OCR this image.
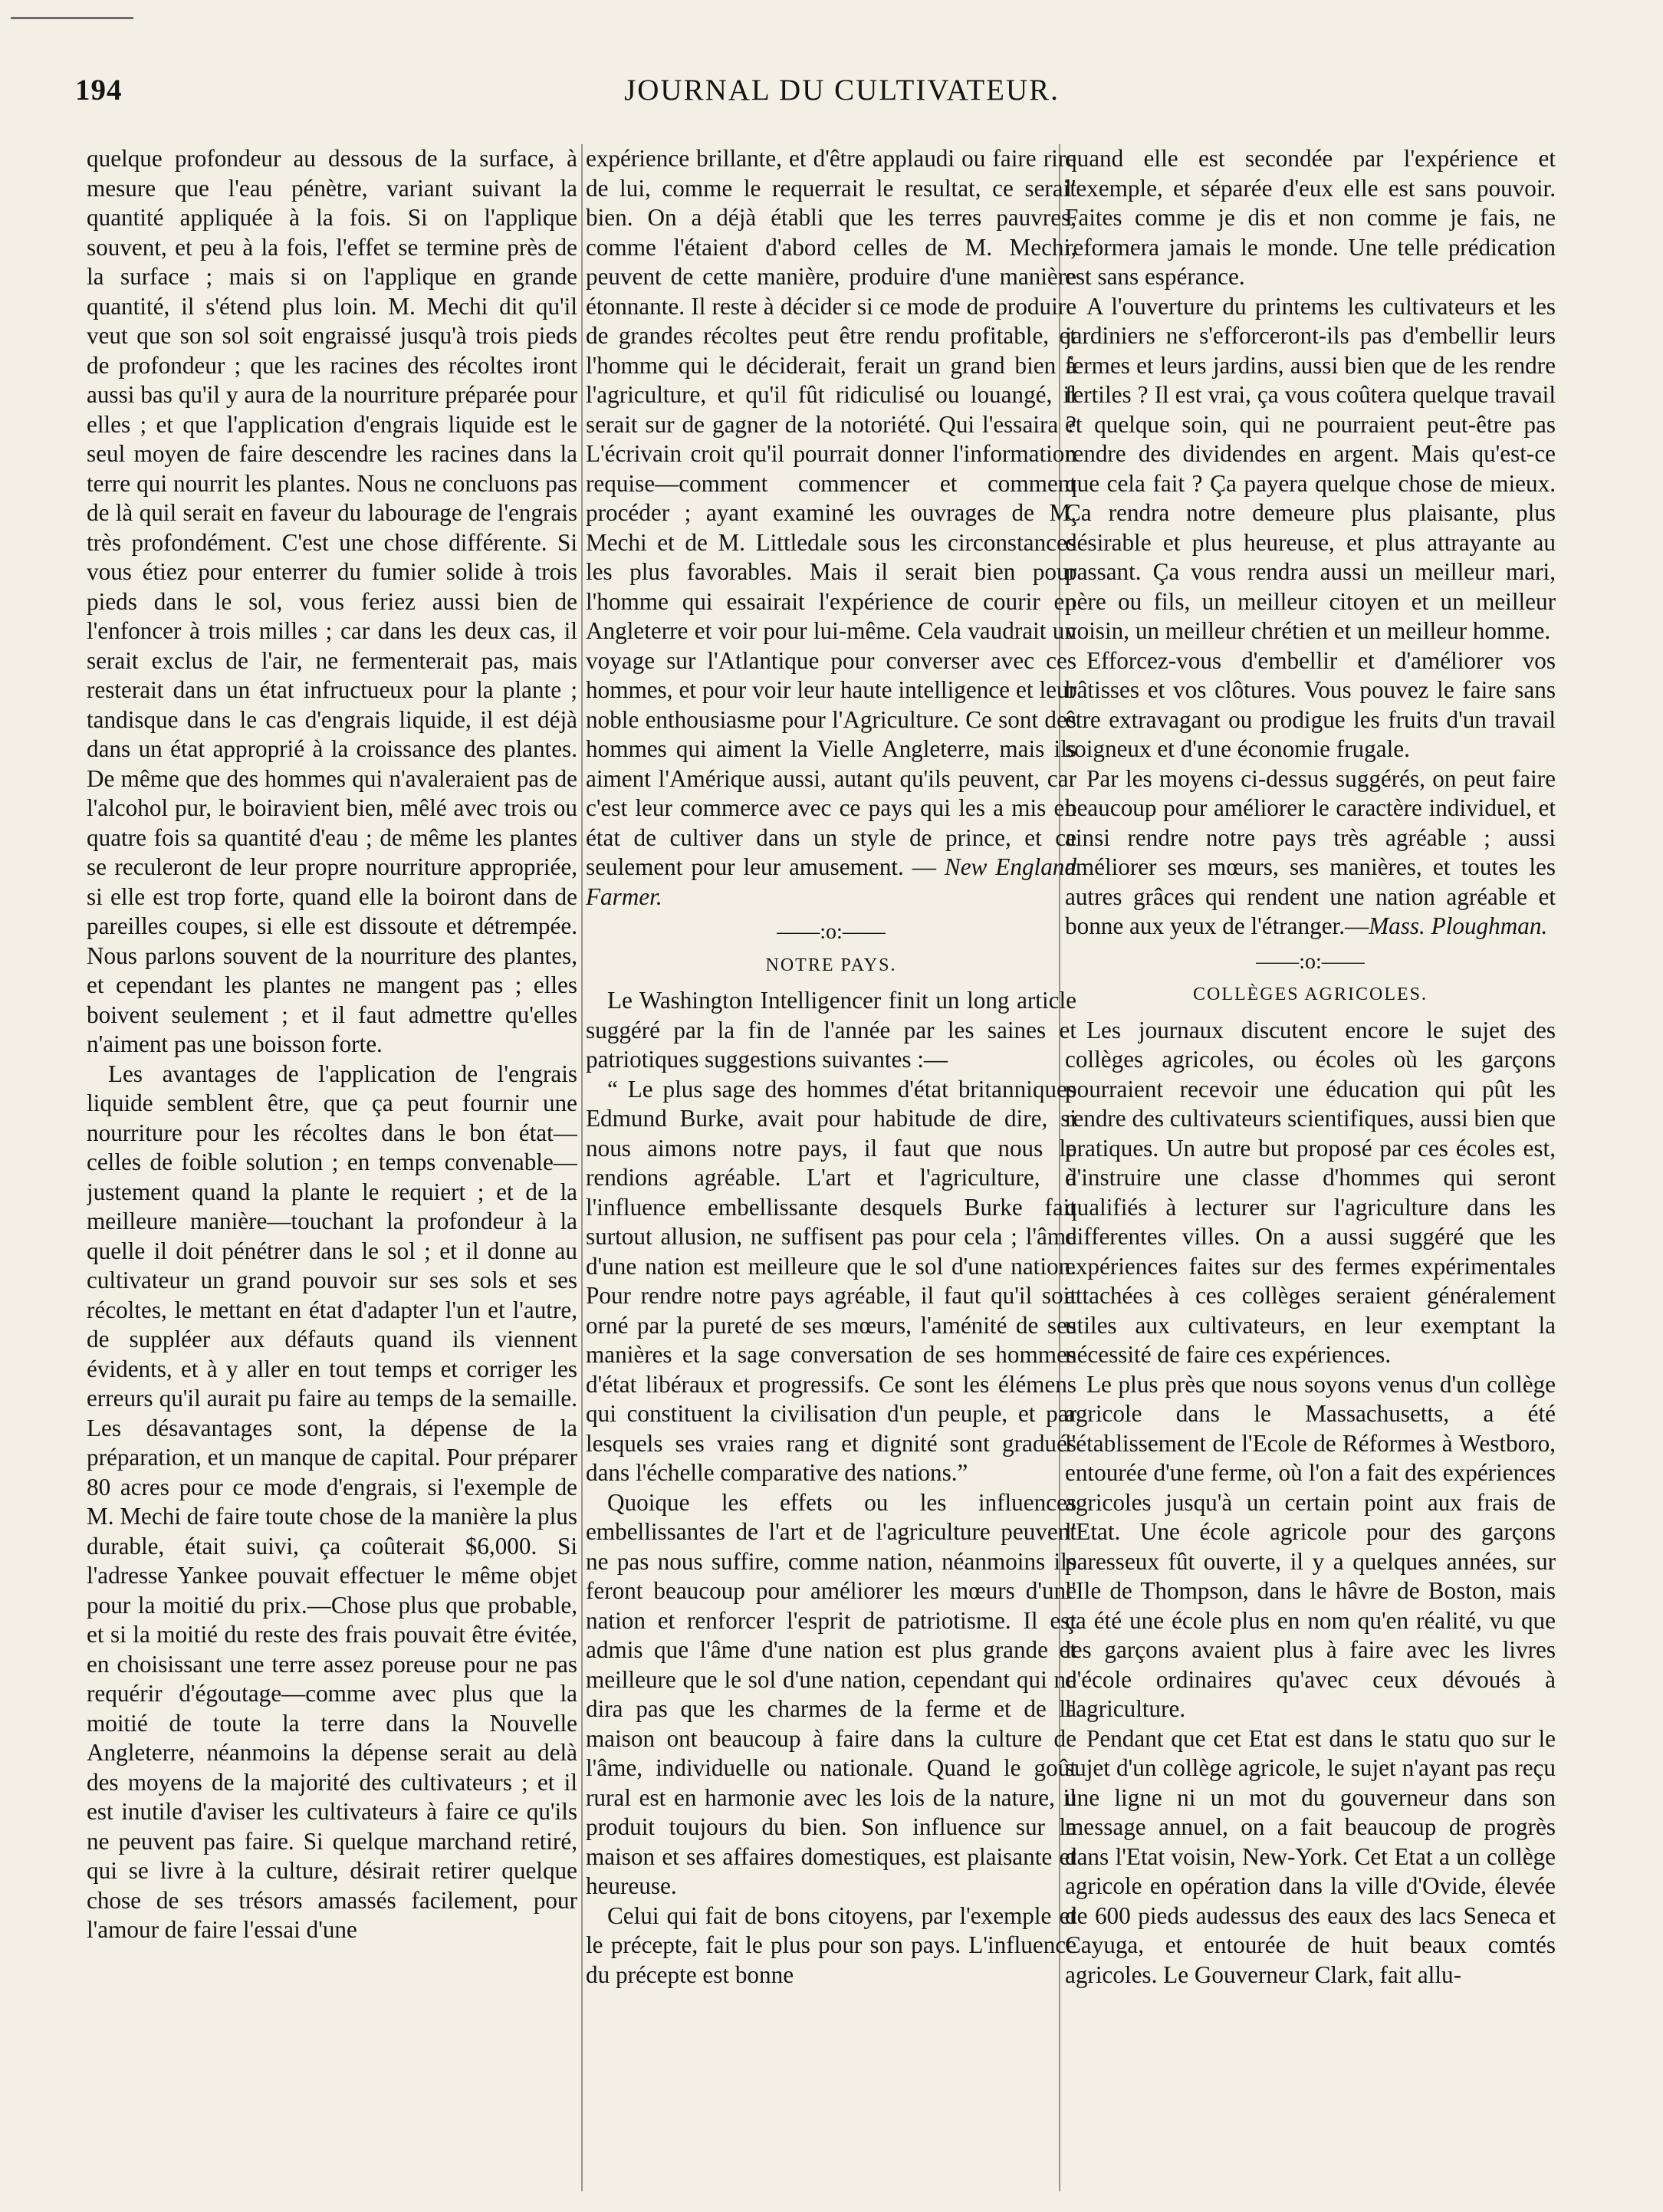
JOURNAL DU CULTIVATEUR.
194

quelque profondeur au dessous de la surface, à mesure que l'eau pénètre, variant suivant la quantité appliquée à la fois. Si on l'applique souvent, et peu à la fois, l'effet se termine près de la surface ; mais si on l'applique en grande quantité, il s'étend plus loin. M. Mechi dit qu'il veut que son sol soit engraissé jusqu'à trois pieds de profondeur ; que les racines des récoltes iront aussi bas qu'il y aura de la nourriture préparée pour elles ; et que l'application d'engrais liquide est le seul moyen de faire descendre les racines dans la terre qui nourrit les plantes. Nous ne concluons pas de là quil serait en faveur du labourage de l'engrais très profondément. C'est une chose différente. Si vous étiez pour enterrer du fumier solide à trois pieds dans le sol, vous feriez aussi bien de l'enfoncer à trois milles ; car dans les deux cas, il serait exclus de l'air, ne fermenterait pas, mais resterait dans un état infructueux pour la plante ; tandisque dans le cas d'engrais liquide, il est déjà dans un état approprié à la croissance des plantes. De même que des hommes qui n'avaleraient pas de l'alcohol pur, le boiravient bien, mêlé avec trois ou quatre fois sa quantité d'eau ; de même les plantes se reculeront de leur propre nourriture appropriée, si elle est trop forte, quand elle la boiront dans de pareilles coupes, si elle est dissoute et détrempée. Nous parlons souvent de la nourriture des plantes, et cependant les plantes ne mangent pas ; elles boivent seulement ; et il faut admettre qu'elles n'aiment pas une boisson forte.

Les avantages de l'application de l'engrais liquide semblent être, que ça peut fournir une nourriture pour les récoltes dans le bon état—celles de foible solution ; en temps convenable—justement quand la plante le requiert ; et de la meilleure manière—touchant la profondeur à la quelle il doit pénétrer dans le sol ; et il donne au cultivateur un grand pouvoir sur ses sols et ses récoltes, le mettant en état d'adapter l'un et l'autre, de suppléer aux défauts quand ils viennent évidents, et à y aller en tout temps et corriger les erreurs qu'il aurait pu faire au temps de la semaille. Les désavantages sont, la dépense de la préparation, et un manque de capital. Pour préparer 80 acres pour ce mode d'engrais, si l'exemple de M. Mechi de faire toute chose de la manière la plus durable, était suivi, ça coûterait $6,000. Si l'adresse Yankee pouvait effectuer le même objet pour la moitié du prix.—Chose plus que probable, et si la moitié du reste des frais pouvait être évitée, en choisissant une terre assez poreuse pour ne pas requérir d'égoutage—comme avec plus que la moitié de toute la terre dans la Nouvelle Angleterre, néanmoins la dépense serait au delà des moyens de la majorité des cultivateurs ; et il est inutile d'aviser les cultivateurs à faire ce qu'ils ne peuvent pas faire. Si quelque marchand retiré, qui se livre à la culture, désirait retirer quelque chose de ses trésors amassés facilement, pour l'amour de faire l'essai d'une

expérience brillante, et d'être applaudi ou faire rire de lui, comme le requerrait le resultat, ce serait bien. On a déjà établi que les terres pauvres, comme l'étaient d'abord celles de M. Mechi, peuvent de cette manière, produire d'une manière étonnante. Il reste à décider si ce mode de produire de grandes récoltes peut être rendu profitable, et l'homme qui le déciderait, ferait un grand bien à l'agriculture, et qu'il fût ridiculisé ou louangé, il serait sur de gagner de la notoriété. Qui l'essaira ? L'écrivain croit qu'il pourrait donner l'information requise—comment commencer et comment procéder ; ayant examiné les ouvrages de M. Mechi et de M. Littledale sous les circonstances les plus favorables. Mais il serait bien pour l'homme qui essairait l'expérience de courir en Angleterre et voir pour lui-même. Cela vaudrait un voyage sur l'Atlantique pour converser avec ces hommes, et pour voir leur haute intelligence et leur noble enthousiasme pour l'Agriculture. Ce sont des hommes qui aiment la Vielle Angleterre, mais ils aiment l'Amérique aussi, autant qu'ils peuvent, car c'est leur commerce avec ce pays qui les a mis en état de cultiver dans un style de prince, et ce seulement pour leur amusement. — New England Farmer.

——:o:——
NOTRE PAYS.

Le Washington Intelligencer finit un long article suggéré par la fin de l'année par les saines et patriotiques suggestions suivantes :—

“ Le plus sage des hommes d'état britanniques Edmund Burke, avait pour habitude de dire, si nous aimons notre pays, il faut que nous le rendions agréable. L'art et l'agriculture, à l'influence embellissante desquels Burke fait surtout allusion, ne suffisent pas pour cela ; l'âme d'une nation est meilleure que le sol d'une nation. Pour rendre notre pays agréable, il faut qu'il soit orné par la pureté de ses mœurs, l'aménité de ses manières et la sage conversation de ses hommes d'état libéraux et progressifs. Ce sont les élémens qui constituent la civilisation d'un peuple, et par lesquels ses vraies rang et dignité sont gradués dans l'échelle comparative des nations.”

Quoique les effets ou les influences embellissantes de l'art et de l'agriculture peuvent ne pas nous suffire, comme nation, néanmoins ils feront beaucoup pour améliorer les mœurs d'une nation et renforcer l'esprit de patriotisme. Il est admis que l'âme d'une nation est plus grande et meilleure que le sol d'une nation, cependant qui ne dira pas que les charmes de la ferme et de la maison ont beaucoup à faire dans la culture de l'âme, individuelle ou nationale. Quand le goût rural est en harmonie avec les lois de la nature, il produit toujours du bien. Son influence sur la maison et ses affaires domestiques, est plaisante et heureuse.

Celui qui fait de bons citoyens, par l'exemple et le précepte, fait le plus pour son pays. L'influence du précepte est bonne

quand elle est secondée par l'expérience et l'exemple, et séparée d'eux elle est sans pouvoir. Faites comme je dis et non comme je fais, ne reformera jamais le monde. Une telle prédication est sans espérance.

A l'ouverture du printems les cultivateurs et les jardiniers ne s'efforceront-ils pas d'embellir leurs fermes et leurs jardins, aussi bien que de les rendre fertiles ? Il est vrai, ça vous coûtera quelque travail et quelque soin, qui ne pourraient peut-être pas rendre des dividendes en argent. Mais qu'est-ce que cela fait ? Ça payera quelque chose de mieux. Ça rendra notre demeure plus plaisante, plus désirable et plus heureuse, et plus attrayante au passant. Ça vous rendra aussi un meilleur mari, père ou fils, un meilleur citoyen et un meilleur voisin, un meilleur chrétien et un meilleur homme.

Efforcez-vous d'embellir et d'améliorer vos bâtisses et vos clôtures. Vous pouvez le faire sans être extravagant ou prodigue les fruits d'un travail soigneux et d'une économie frugale.

Par les moyens ci-dessus suggérés, on peut faire beaucoup pour améliorer le caractère individuel, et ainsi rendre notre pays très agréable ; aussi améliorer ses mœurs, ses manières, et toutes les autres grâces qui rendent une nation agréable et bonne aux yeux de l'étranger.—Mass. Ploughman.

——:o:——
COLLÈGES AGRICOLES.

Les journaux discutent encore le sujet des collèges agricoles, ou écoles où les garçons pourraient recevoir une éducation qui pût les rendre des cultivateurs scientifiques, aussi bien que pratiques. Un autre but proposé par ces écoles est, d'instruire une classe d'hommes qui seront qualifiés à lecturer sur l'agriculture dans les differentes villes. On a aussi suggéré que les expériences faites sur des fermes expérimentales attachées à ces collèges seraient généralement utiles aux cultivateurs, en leur exemptant la nécessité de faire ces expériences.

Le plus près que nous soyons venus d'un collège agricole dans le Massachusetts, a été l'établissement de l'Ecole de Réformes à Westboro, entourée d'une ferme, où l'on a fait des expériences agricoles jusqu'à un certain point aux frais de l'Etat. Une école agricole pour des garçons paresseux fût ouverte, il y a quelques années, sur l'Ile de Thompson, dans le hâvre de Boston, mais ça été une école plus en nom qu'en réalité, vu que les garçons avaient plus à faire avec les livres d'école ordinaires qu'avec ceux dévoués à l'agriculture.

Pendant que cet Etat est dans le statu quo sur le sujet d'un collège agricole, le sujet n'ayant pas reçu une ligne ni un mot du gouverneur dans son message annuel, on a fait beaucoup de progrès dans l'Etat voisin, New-York. Cet Etat a un collège agricole en opération dans la ville d'Ovide, élevée de 600 pieds audessus des eaux des lacs Seneca et Cayuga, et entourée de huit beaux comtés agricoles. Le Gouverneur Clark, fait allu-
